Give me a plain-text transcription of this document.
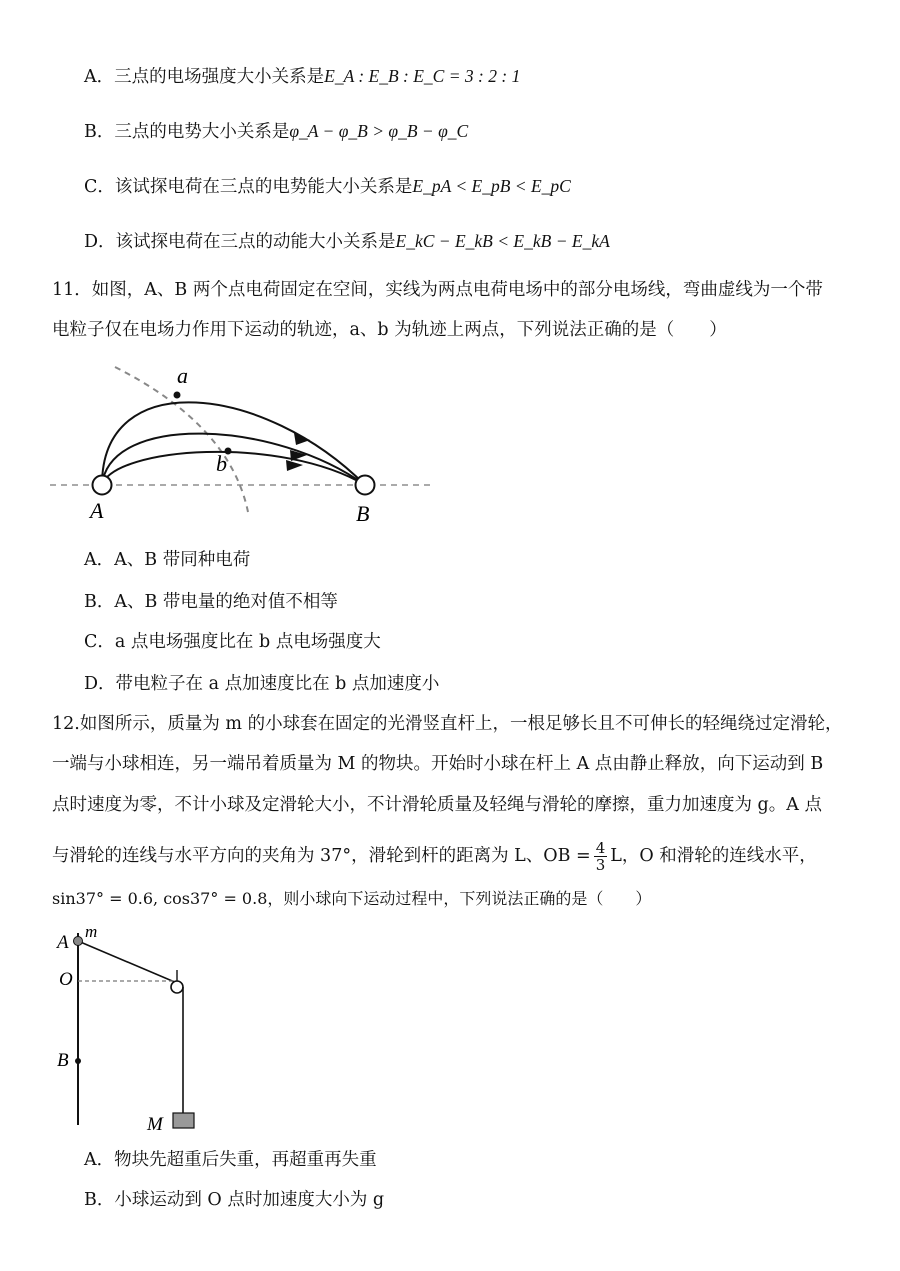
A．三点的电场强度大小关系是E_A : E_B : E_C = 3 : 2 : 1
B．三点的电势大小关系是φ_A − φ_B > φ_B − φ_C
C．该试探电荷在三点的电势能大小关系是E_pA < E_pB < E_pC
D．该试探电荷在三点的动能大小关系是E_kC − E_kB < E_kB − E_kA
11．如图，A、B 两个点电荷固定在空间，实线为两点电荷电场中的部分电场线，弯曲虚线为一个带
电粒子仅在电场力作用下运动的轨迹，a、b 为轨迹上两点，下列说法正确的是（　　）
a
b
A	B
A．A、B 带同种电荷
B．A、B 带电量的绝对值不相等
C．a 点电场强度比在 b 点电场强度大
D．带电粒子在 a 点加速度比在 b 点加速度小
12.如图所示，质量为 m 的小球套在固定的光滑竖直杆上，一根足够长且不可伸长的轻绳绕过定滑轮，
一端与小球相连，另一端吊着质量为 M 的物块。开始时小球在杆上 A 点由静止释放，向下运动到 B
点时速度为零，不计小球及定滑轮大小，不计滑轮质量及轻绳与滑轮的摩擦，重力加速度为 g。A 点
与滑轮的连线与水平方向的夹角为 37°，滑轮到杆的距离为 L、OB = $\frac{4}{3}$ L，O 和滑轮的连线水平，
sin37° = 0.6, cos37° = 0.8，则小球向下运动过程中，下列说法正确的是（　　）
A
m
O
B
M
A．物块先超重后失重，再超重再失重
B．小球运动到 O 点时加速度大小为 g
